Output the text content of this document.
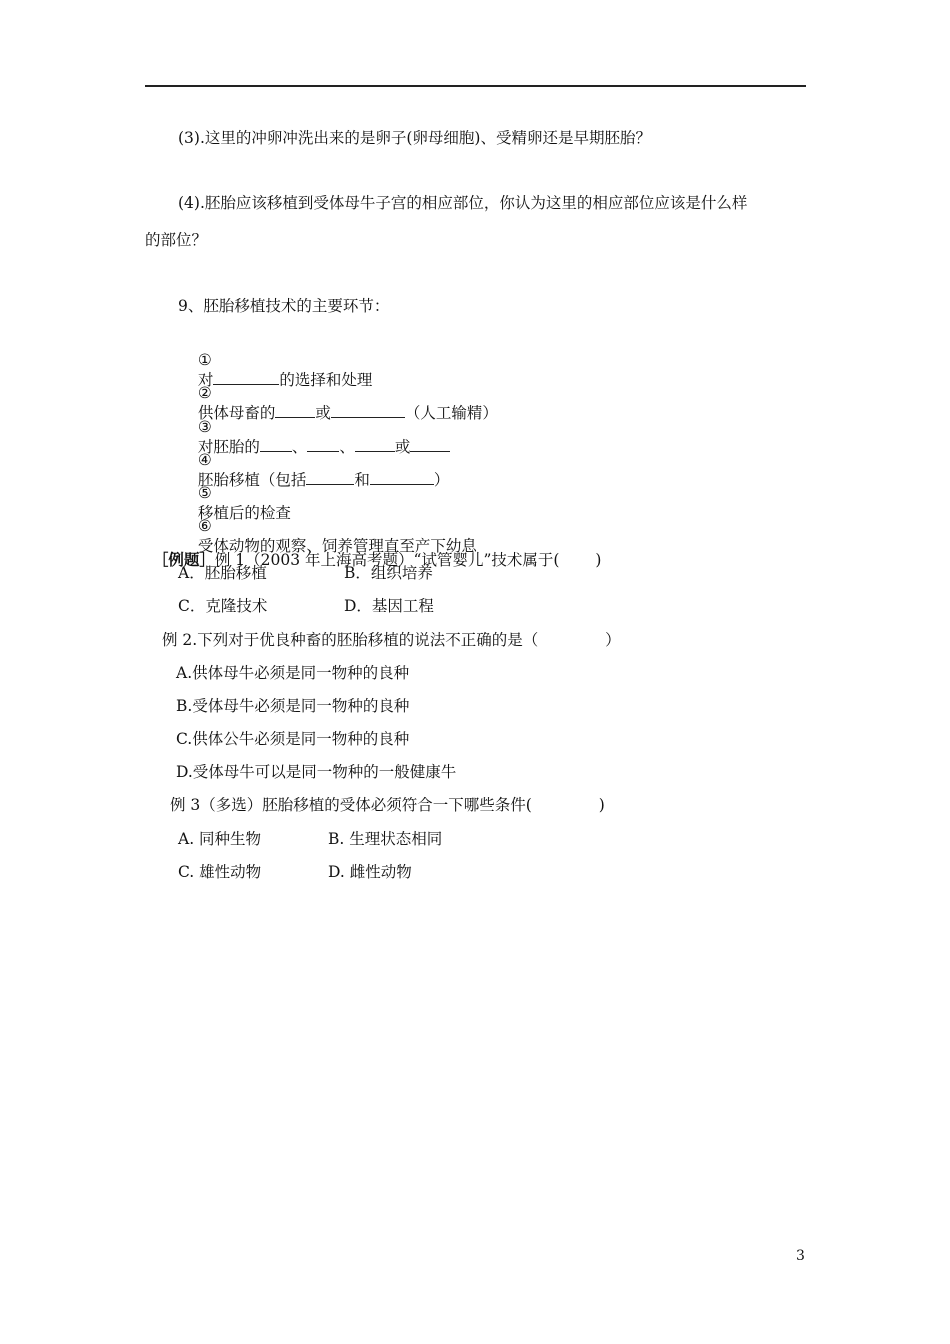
(3).这里的冲卵冲洗出来的是卵子(卵母细胞)、受精卵还是早期胚胎？
(4).胚胎应该移植到受体母牛子宫的相应部位，你认为这里的相应部位应该是什么样
的部位？
9、胚胎移植技术的主要环节：

①
对	的选择和处理

②
供体母畜的	或	（人工输精）

③
对胚胎的 、 、	或

④
胚胎移植（包括	和	）

⑤
移植后的检查

⑥
受体动物的观察、饲养管理直至产下幼息

［例题］例 1（2003 年上海高考题）“试管婴儿”技术属于(　　 )

A．胚胎移植	B．组织培养
C．克隆技术	D．基因工程
例 2.下列对于优良种畜的胚胎移植的说法不正确的是（　　　　 ）
A.供体母牛必须是同一物种的良种
B.受体母牛必须是同一物种的良种
C.供体公牛必须是同一物种的良种
D.受体母牛可以是同一物种的一般健康牛
例 3（多选）胚胎移植的受体必须符合一下哪些条件(　　　　 )
A. 同种生物	B. 生理状态相同
C. 雄性动物	D. 雌性动物
3
